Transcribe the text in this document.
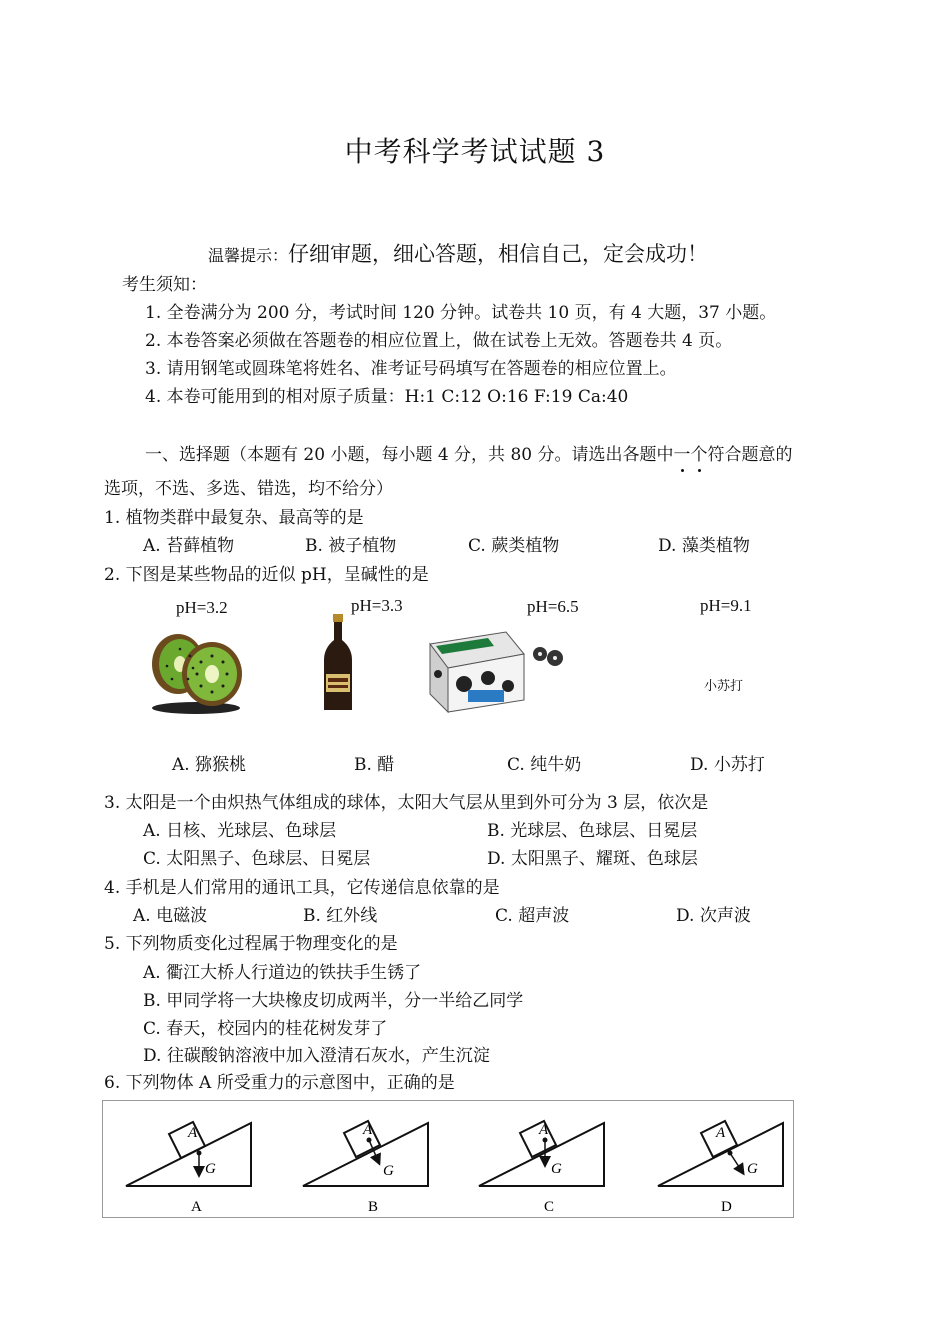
中考科学考试试题 3
温馨提示：仔细审题，细心答题，相信自己，定会成功！
考生须知：
1. 全卷满分为 200 分，考试时间 120 分钟。试卷共 10 页，有 4 大题，37 小题。
2. 本卷答案必须做在答题卷的相应位置上，做在试卷上无效。答题卷共 4 页。
3. 请用钢笔或圆珠笔将姓名、准考证号码填写在答题卷的相应位置上。
4. 本卷可能用到的相对原子质量：H:1 C:12 O:16 F:19 Ca:40
一、选择题（本题有 20 小题，每小题 4 分，共 80 分。请选出各题中一个符合题意的
选项，不选、多选、错选，均不给分）
1. 植物类群中最复杂、最高等的是
A. 苔藓植物	B. 被子植物	C. 蕨类植物	D. 藻类植物
2. 下图是某些物品的近似 pH，呈碱性的是
pH=3.2	pH=3.3	pH=6.5	pH=9.1
小苏打
A. 猕猴桃	B. 醋	C. 纯牛奶	D. 小苏打
3. 太阳是一个由炽热气体组成的球体，太阳大气层从里到外可分为 3 层，依次是
A. 日核、光球层、色球层	B. 光球层、色球层、日冕层
C. 太阳黑子、色球层、日冕层	D. 太阳黑子、耀斑、色球层
4. 手机是人们常用的通讯工具，它传递信息依靠的是
A. 电磁波	B. 红外线	C. 超声波	D. 次声波
5. 下列物质变化过程属于物理变化的是
A. 衢江大桥人行道边的铁扶手生锈了
B. 甲同学将一大块橡皮切成两半，分一半给乙同学
C. 春天，校园内的桂花树发芽了
D. 往碳酸钠溶液中加入澄清石灰水，产生沉淀
6. 下列物体 A 所受重力的示意图中，正确的是
A
G
A
A
G
B
A
G
C
A
G
D
